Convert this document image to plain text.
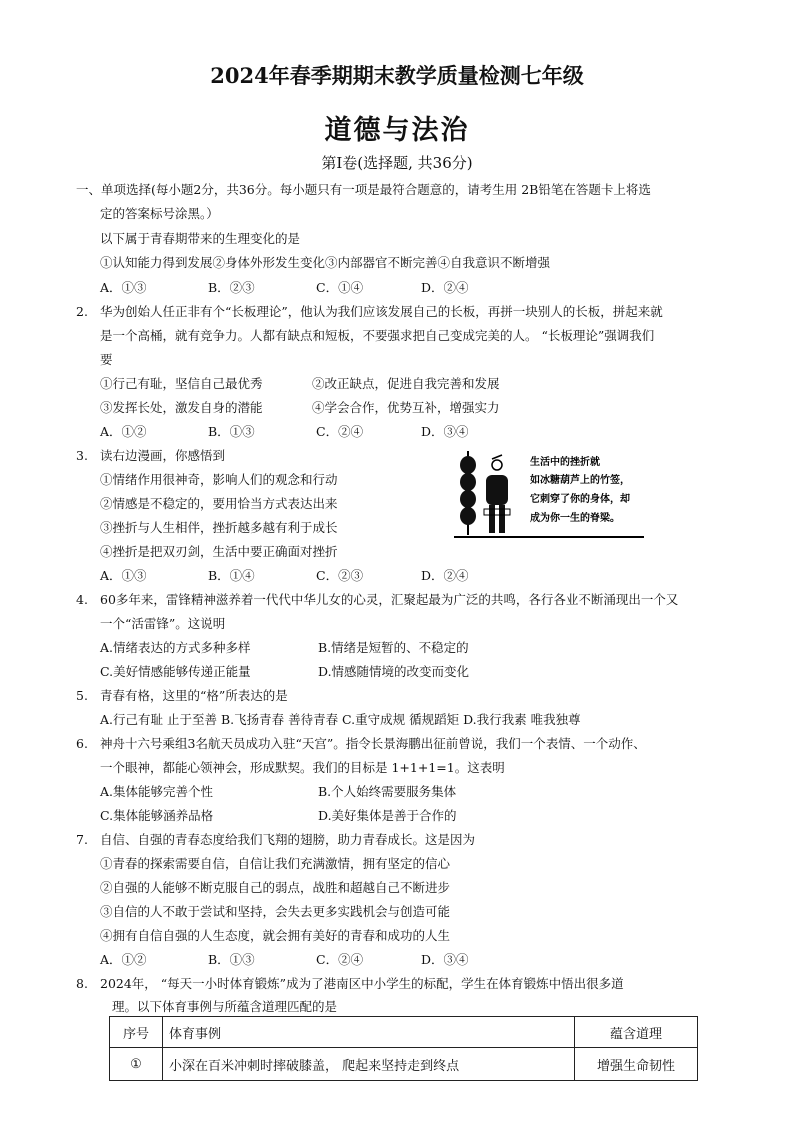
2024年春季期期末教学质量检测七年级
道德与法治
第Ⅰ卷(选择题, 共36分)
一、单项选择(每小题2分，共36分。每小题只有一项是最符合题意的，请考生用 2B铅笔在答题卡上将选
定的答案标号涂黑。）
以下属于青春期带来的生理变化的是
①认知能力得到发展②身体外形发生变化③内部器官不断完善④自我意识不断增强
A．①③	B．②③	C．①④	D．②④
2. 华为创始人任正非有个“长板理论”，他认为我们应该发展自己的长板，再拼一块别人的长板，拼起来就
是一个高桶，就有竞争力。人都有缺点和短板，不要强求把自己变成完美的人。 “长板理论”强调我们
要
①行己有耻，坚信自己最优秀	②改正缺点，促进自我完善和发展
③发挥长处，激发自身的潜能	④学会合作，优势互补，增强实力
A．①②	B．①③	C．②④	D．③④
3. 读右边漫画，你感悟到
①情绪作用很神奇，影响人们的观念和行动
②情感是不稳定的，要用恰当方式表达出来
③挫折与人生相伴，挫折越多越有利于成长
④挫折是把双刃剑，生活中要正确面对挫折
A．①③	B．①④	C．②③	D．②④
生活中的挫折就
如冰糖葫芦上的竹签，
它刺穿了你的身体，却
成为你一生的脊梁。
4. 60多年来，雷锋精神滋养着一代代中华儿女的心灵，汇聚起最为广泛的共鸣，各行各业不断涌现出一个又
一个“活雷锋”。这说明
A.情绪表达的方式多种多样	B.情绪是短暂的、不稳定的
C.美好情感能够传递正能量	D.情感随情境的改变而变化
5. 青春有格，这里的“格”所表达的是
A.行己有耻 止于至善 B.飞扬青春 善待青春 C.重守成规 循规蹈矩 D.我行我素 唯我独尊
6. 神舟十六号乘组3名航天员成功入驻“天宫”。指令长景海鹏出征前曾说，我们一个表情、一个动作、
一个眼神，都能心领神会，形成默契。我们的目标是 1+1+1=1。这表明
A.集体能够完善个性	B.个人始终需要服务集体
C.集体能够涵养品格	D.美好集体是善于合作的
7. 自信、自强的青春态度给我们飞翔的翅膀，助力青春成长。这是因为
①青春的探索需要自信，自信让我们充满激情，拥有坚定的信心
②自强的人能够不断克服自己的弱点，战胜和超越自己不断进步
③自信的人不敢于尝试和坚持，会失去更多实践机会与创造可能
④拥有自信自强的人生态度，就会拥有美好的青春和成功的人生
A．①②	B．①③	C．②④	D．③④
8. 2024年， “每天一小时体育锻炼”成为了港南区中小学生的标配，学生在体育锻炼中悟出很多道
理。以下体育事例与所蕴含道理匹配的是
序号	体育事例	蕴含道理
①	小深在百米冲刺时摔破膝盖， 爬起来坚持走到终点	增强生命韧性
